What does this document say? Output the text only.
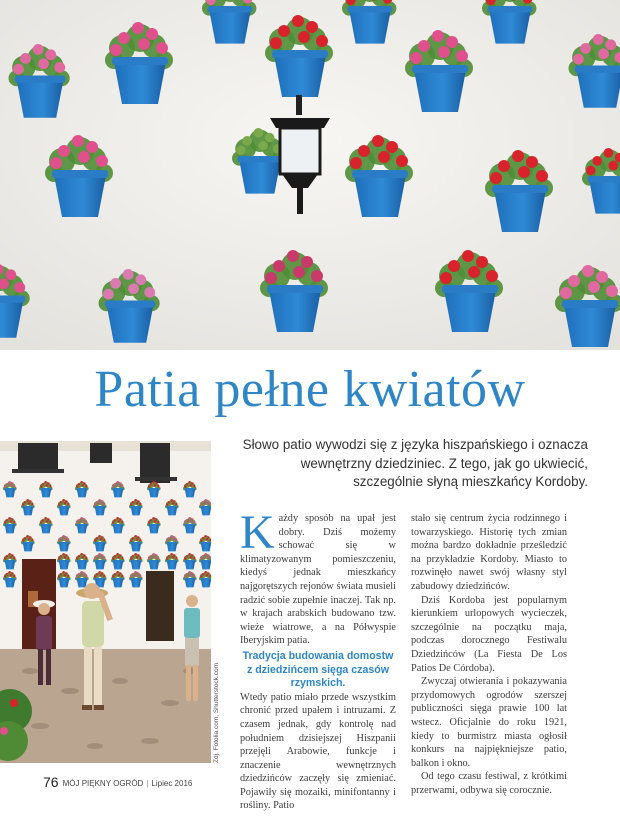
Patia pełne kwiatów
Słowo patio wywodzi się z języka hiszpańskiego i oznacza wewnętrzny dziedziniec. Z tego, jak go ukwiecić, szczególnie słyną mieszkańcy Kordoby.
Zdj. Fotolia.com, Shutterstock.com

Każdy sposób na upał jest dobry. Dziś możemy schować się w klimatyzowanym pomieszczeniu, kiedyś jednak mieszkańcy najgorętszych rejonów świata musieli radzić sobie zupełnie inaczej. Tak np. w krajach arabskich budowano tzw. wieże wiatrowe, a na Półwyspie Iberyjskim patia.

Tradycja budowania domostw z dziedzińcem sięga czasów rzymskich.

Wtedy patio miało przede wszystkim chronić przed upałem i intruzami. Z czasem jednak, gdy kontrolę nad południem dzisiejszej Hiszpanii przejęli Arabowie, funkcje i znaczenie wewnętrznych dziedzińców zaczęły się zmieniać. Pojawiły się mozaiki, minifontanny i rośliny. Patio

stało się centrum życia rodzinnego i towarzyskiego. Historię tych zmian można bardzo dokładnie prześledzić na przykładzie Kordoby. Miasto to rozwinęło nawet swój własny styl zabudowy dziedzińców.

Dziś Kordoba jest popularnym kierunkiem urlopowych wycieczek, szczególnie na początku maja, podczas dorocznego Festiwalu Dziedzińców (La Fiesta De Los Patios De Córdoba).

Zwyczaj otwierania i pokazywania przydomowych ogrodów szerszej publiczności sięga prawie 100 lat wstecz. Oficjalnie do roku 1921, kiedy to burmistrz miasta ogłosił konkurs na najpiękniejsze patio, balkon i okno.

Od tego czasu festiwal, z krótkimi przerwami, odbywa się corocznie.

76 MÓJ PIĘKNY OGRÓD | Lipiec 2016
